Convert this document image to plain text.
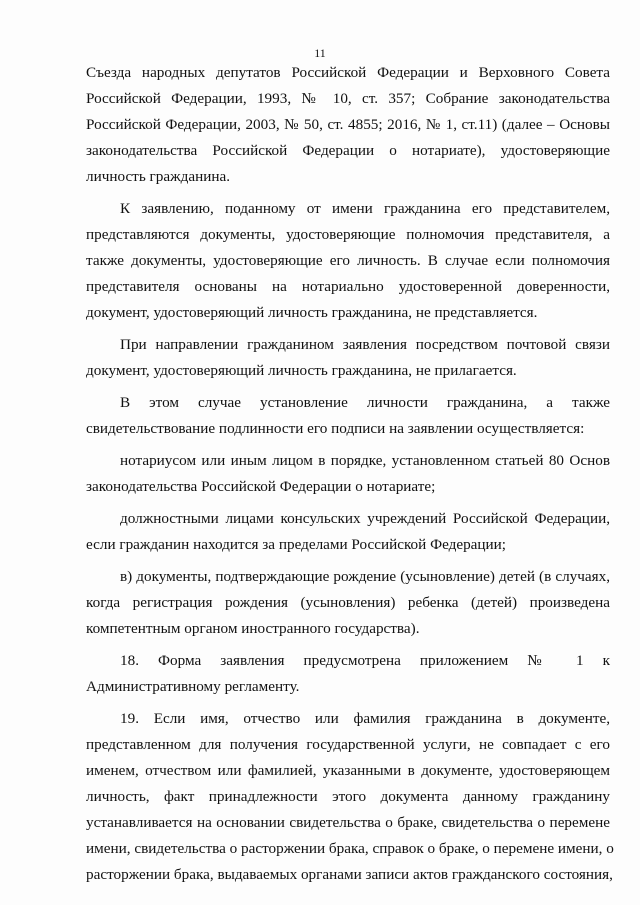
11
Съезда народных депутатов Российской Федерации и Верховного Совета
Российской Федерации, 1993, № 10, ст. 357; Собрание законодательства
Российской Федерации, 2003, № 50, ст. 4855; 2016, № 1, ст.11) (далее – Основы
законодательства Российской Федерации о нотариате), удостоверяющие
личность гражданина.
К заявлению, поданному от имени гражданина его представителем,
представляются документы, удостоверяющие полномочия представителя, а
также документы, удостоверяющие его личность. В случае если полномочия
представителя основаны на нотариально удостоверенной доверенности,
документ, удостоверяющий личность гражданина, не представляется.
При направлении гражданином заявления посредством почтовой связи
документ, удостоверяющий личность гражданина, не прилагается.
В этом случае установление личности гражданина, а также
свидетельствование подлинности его подписи на заявлении осуществляется:
нотариусом или иным лицом в порядке, установленном статьей 80 Основ
законодательства Российской Федерации о нотариате;
должностными лицами консульских учреждений Российской Федерации,
если гражданин находится за пределами Российской Федерации;
в) документы, подтверждающие рождение (усыновление) детей (в случаях,
когда регистрация рождения (усыновления) ребенка (детей) произведена
компетентным органом иностранного государства).
18. Форма заявления предусмотрена приложением № 1 к
Административному регламенту.
19. Если имя, отчество или фамилия гражданина в документе,
представленном для получения государственной услуги, не совпадает с его
именем, отчеством или фамилией, указанными в документе, удостоверяющем
личность, факт принадлежности этого документа данному гражданину
устанавливается на основании свидетельства о браке, свидетельства о перемене
имени, свидетельства о расторжении брака, справок о браке, о перемене имени, о
расторжении брака, выдаваемых органами записи актов гражданского состояния,
